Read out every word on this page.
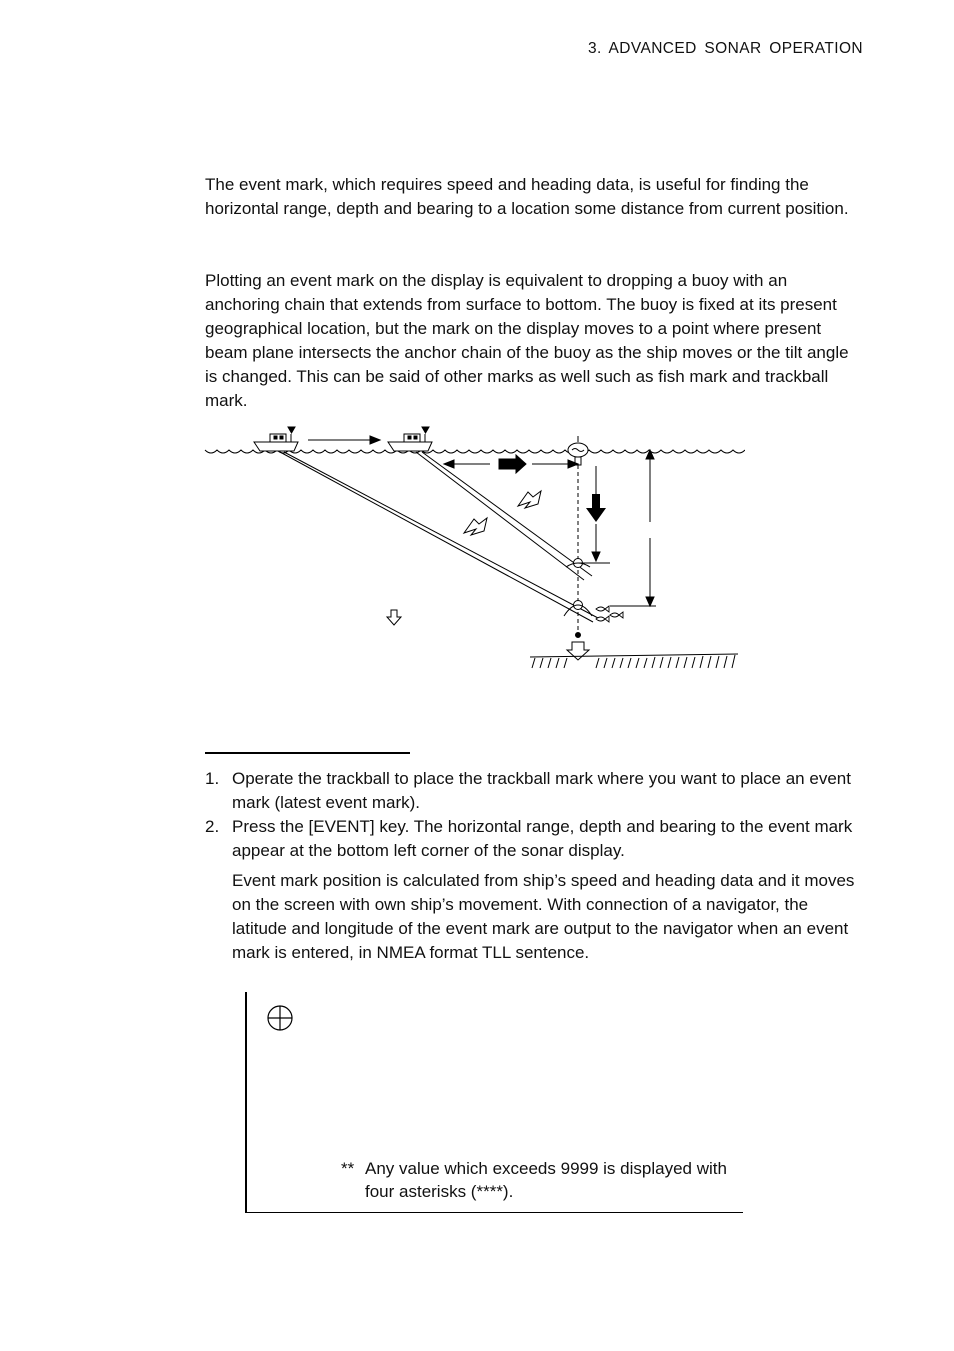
3. ADVANCED SONAR OPERATION

The event mark, which requires speed and heading data, is useful for finding the horizontal range, depth and bearing to a location some distance from current position.

Plotting an event mark on the display is equivalent to dropping a buoy with an anchoring chain that extends from surface to bottom. The buoy is fixed at its present geographical location, but the mark on the display moves to a point where present beam plane intersects the anchor chain of the buoy as the ship moves or the tilt angle is changed. This can be said of other marks as well such as fish mark and trackball mark.

1. Operate the trackball to place the trackball mark where you want to place an event mark (latest event mark).
2. Press the [EVENT] key. The horizontal range, depth and bearing to the event mark appear at the bottom left corner of the sonar display.
Event mark position is calculated from ship’s speed and heading data and it moves on the screen with own ship’s movement. With connection of a navigator, the latitude and longitude of the event mark are output to the navigator when an event mark is entered, in NMEA format TLL sentence.
** Any value which exceeds 9999 is displayed with four asterisks (****).
